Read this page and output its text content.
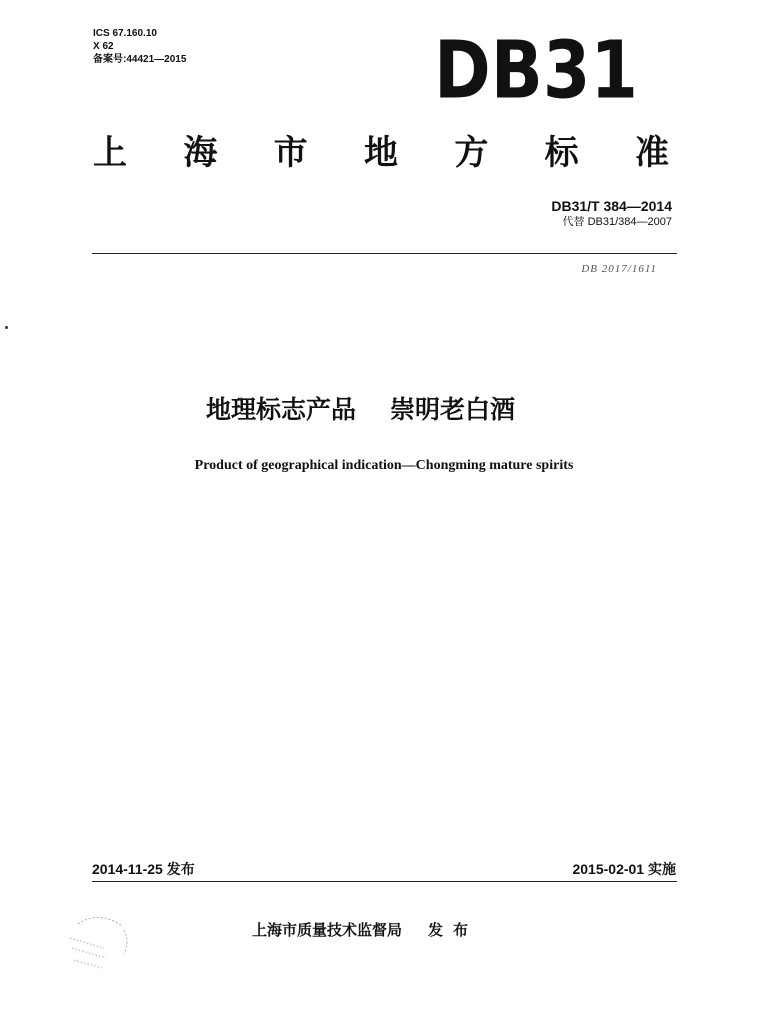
ICS 67.160.10
X 62
备案号:44421—2015	DB31
上 海 市 地 方 标 准
DB31/T 384—2014
代替 DB31/384—2007
DB 2017/1611
地理标志产品 崇明老白酒
Product of geographical indication—Chongming mature spirits
2014-11-25 发布	2015-02-01 实施
上海市质量技术监督局 发布
